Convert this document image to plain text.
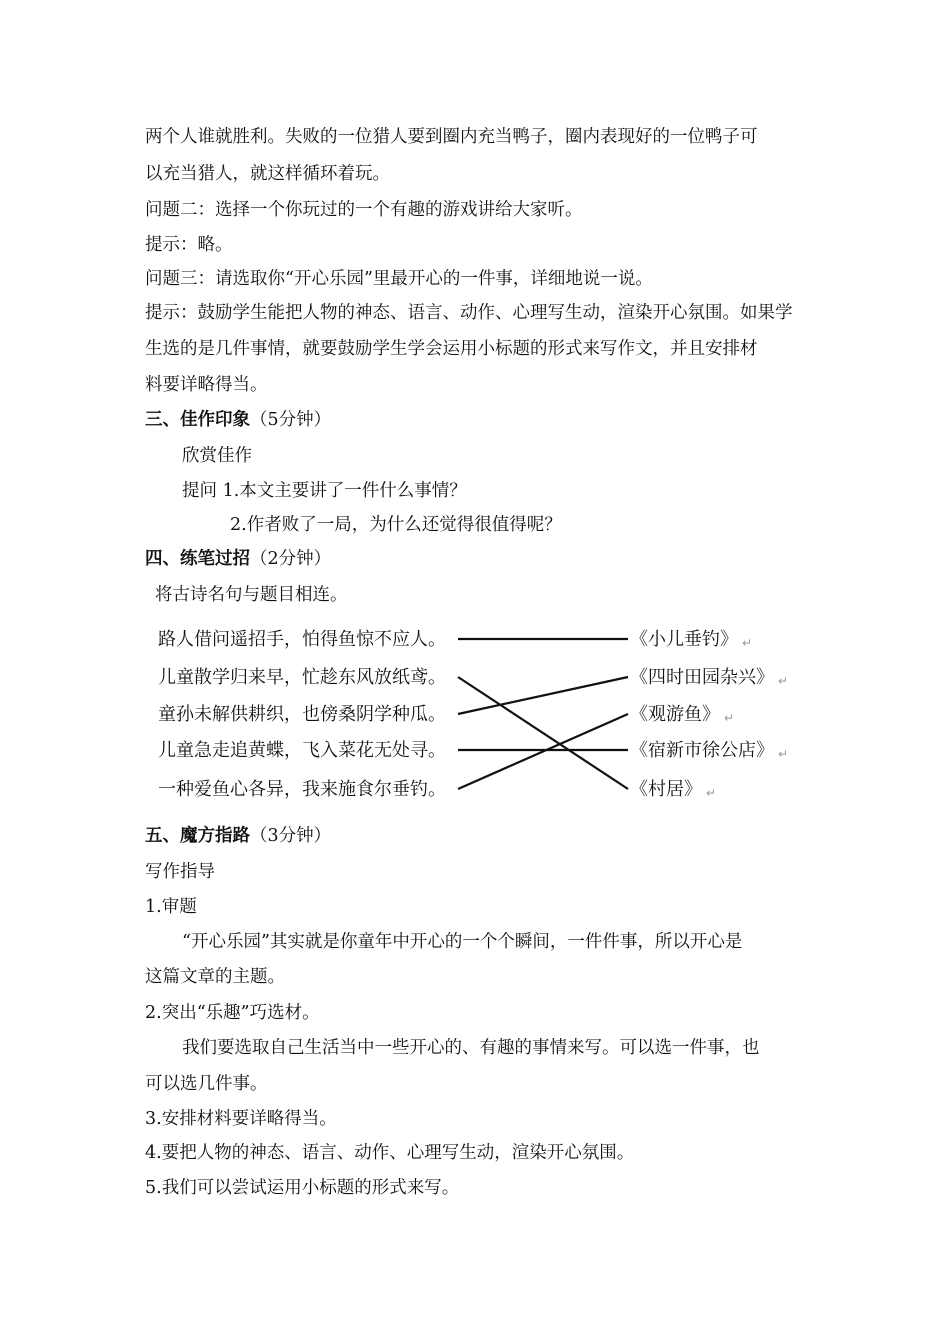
两个人谁就胜利。失败的一位猎人要到圈内充当鸭子，圈内表现好的一位鸭子可
以充当猎人，就这样循环着玩。
问题二：选择一个你玩过的一个有趣的游戏讲给大家听。
提示：略。
问题三：请选取你“开心乐园”里最开心的一件事，详细地说一说。
提示：鼓励学生能把人物的神态、语言、动作、心理写生动，渲染开心氛围。如果学
生选的是几件事情，就要鼓励学生学会运用小标题的形式来写作文，并且安排材
料要详略得当。
三、佳作印象（5分钟）
欣赏佳作
提问 1.本文主要讲了一件什么事情？
2.作者败了一局，为什么还觉得很值得呢？
四、练笔过招（2分钟）
将古诗名句与题目相连。
路人借问遥招手，怕得鱼惊不应人。
儿童散学归来早，忙趁东风放纸鸢。
童孙未解供耕织，也傍桑阴学种瓜。
儿童急走追黄蝶，飞入菜花无处寻。
一种爱鱼心各异，我来施食尔垂钓。
《小儿垂钓》 ↵
《四时田园杂兴》 ↵
《观游鱼》 ↵
《宿新市徐公店》 ↵
《村居》 ↵
五、魔方指路（3分钟）
写作指导
1.审题
“开心乐园”其实就是你童年中开心的一个个瞬间，一件件事，所以开心是
这篇文章的主题。
2.突出“乐趣”巧选材。
我们要选取自己生活当中一些开心的、有趣的事情来写。可以选一件事，也
可以选几件事。
3.安排材料要详略得当。
4.要把人物的神态、语言、动作、心理写生动，渲染开心氛围。
5.我们可以尝试运用小标题的形式来写。
